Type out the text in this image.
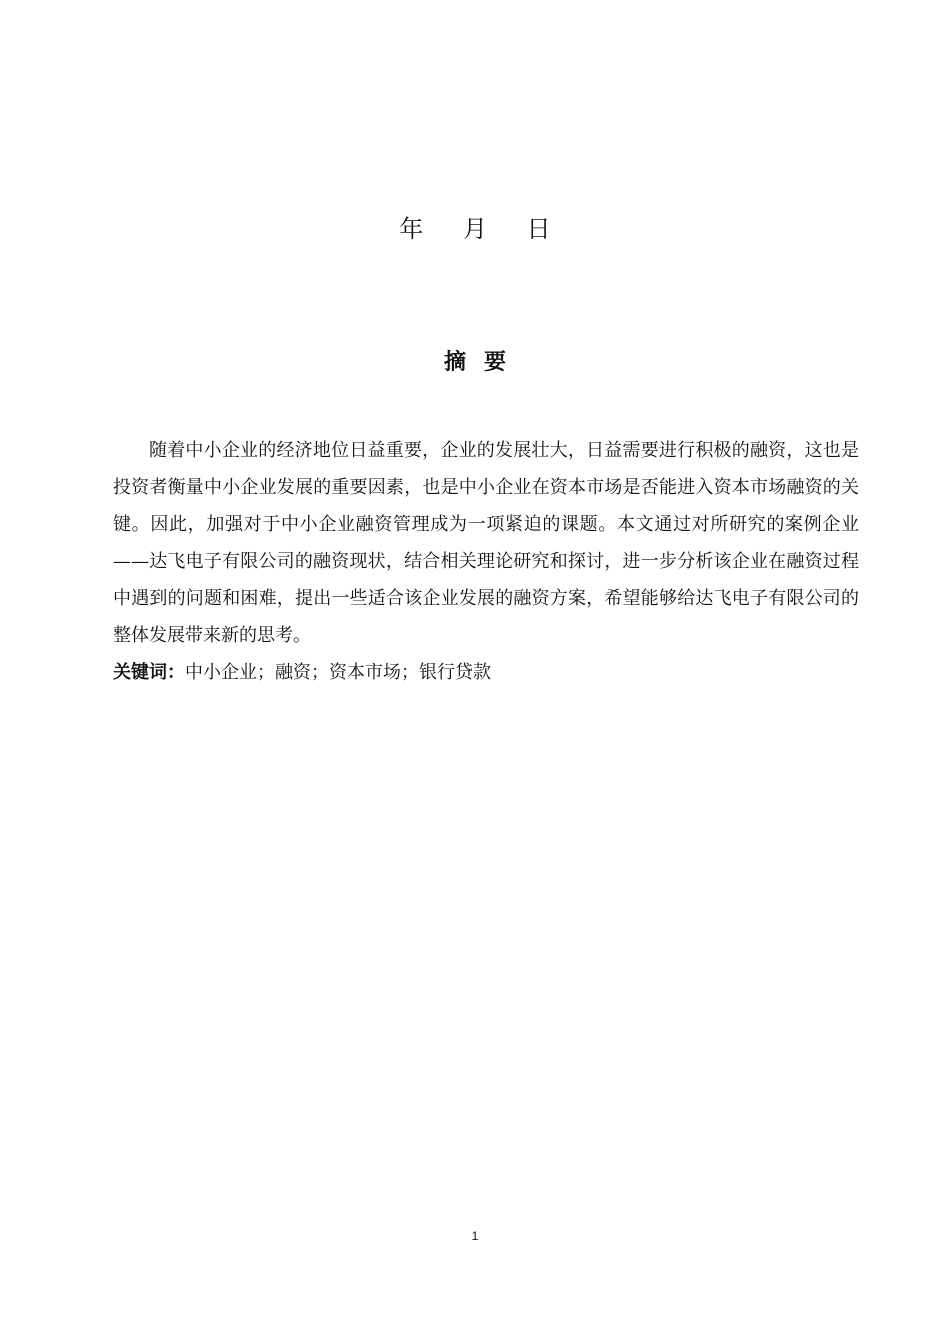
年 月 日
摘要

随着中小企业的经济地位日益重要，企业的发展壮大，日益需要进行积极的融资，这也是投资者衡量中小企业发展的重要因素，也是中小企业在资本市场是否能进入资本市场融资的关键。因此，加强对于中小企业融资管理成为一项紧迫的课题。本文通过对所研究的案例企业——达飞电子有限公司的融资现状，结合相关理论研究和探讨，进一步分析该企业在融资过程中遇到的问题和困难，提出一些适合该企业发展的融资方案，希望能够给达飞电子有限公司的整体发展带来新的思考。

关键词：中小企业；融资；资本市场；银行贷款
1
